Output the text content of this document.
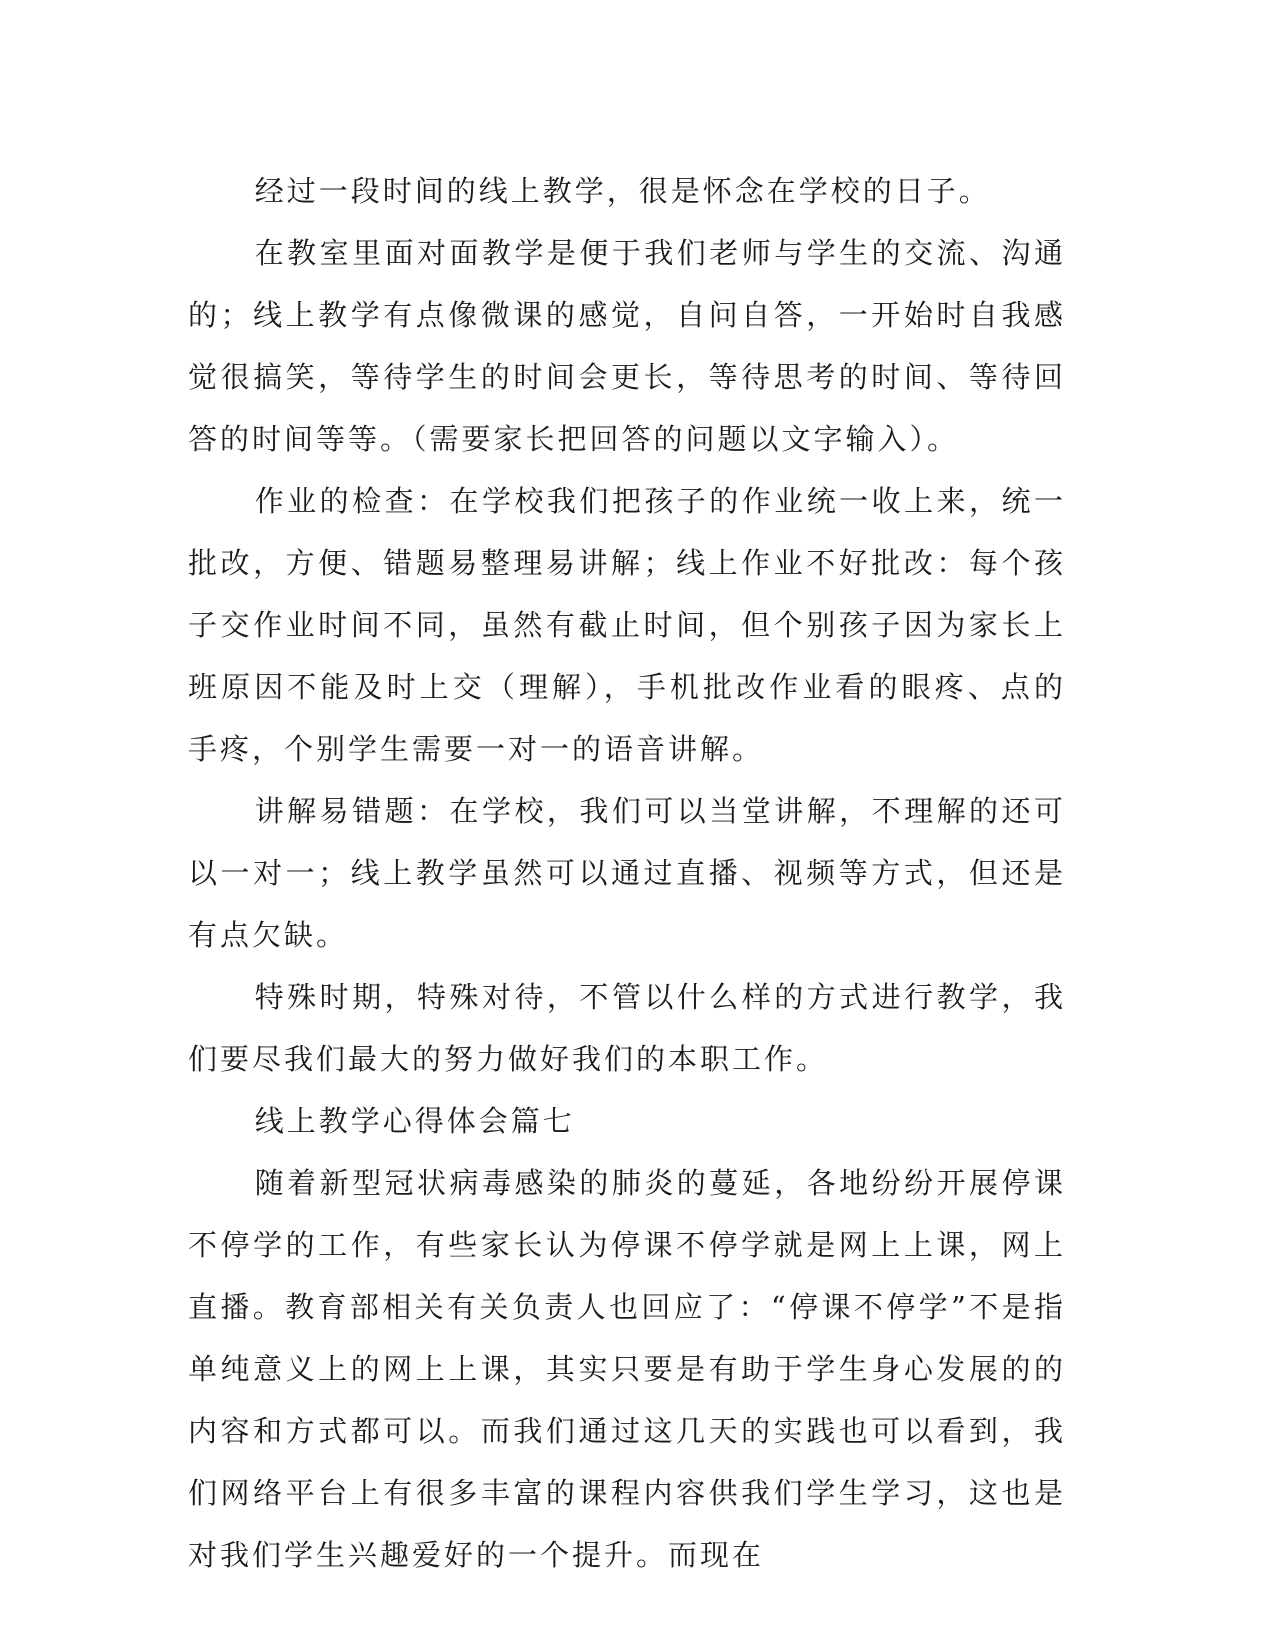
经过一段时间的线上教学，很是怀念在学校的日子。

在教室里面对面教学是便于我们老师与学生的交流、沟通的；线上教学有点像微课的感觉，自问自答，一开始时自我感觉很搞笑，等待学生的时间会更长，等待思考的时间、等待回答的时间等等。（需要家长把回答的问题以文字输入）。

作业的检查：在学校我们把孩子的作业统一收上来，统一批改，方便、错题易整理易讲解；线上作业不好批改：每个孩子交作业时间不同，虽然有截止时间，但个别孩子因为家长上班原因不能及时上交（理解），手机批改作业看的眼疼、点的手疼，个别学生需要一对一的语音讲解。

讲解易错题：在学校，我们可以当堂讲解，不理解的还可以一对一；线上教学虽然可以通过直播、视频等方式，但还是有点欠缺。

特殊时期，特殊对待，不管以什么样的方式进行教学，我们要尽我们最大的努力做好我们的本职工作。

线上教学心得体会篇七

随着新型冠状病毒感染的肺炎的蔓延，各地纷纷开展停课不停学的工作，有些家长认为停课不停学就是网上上课，网上直播。教育部相关有关负责人也回应了：“停课不停学”不是指单纯意义上的网上上课，其实只要是有助于学生身心发展的的内容和方式都可以。而我们通过这几天的实践也可以看到，我们网络平台上有很多丰富的课程内容供我们学生学习，这也是对我们学生兴趣爱好的一个提升。而现在
